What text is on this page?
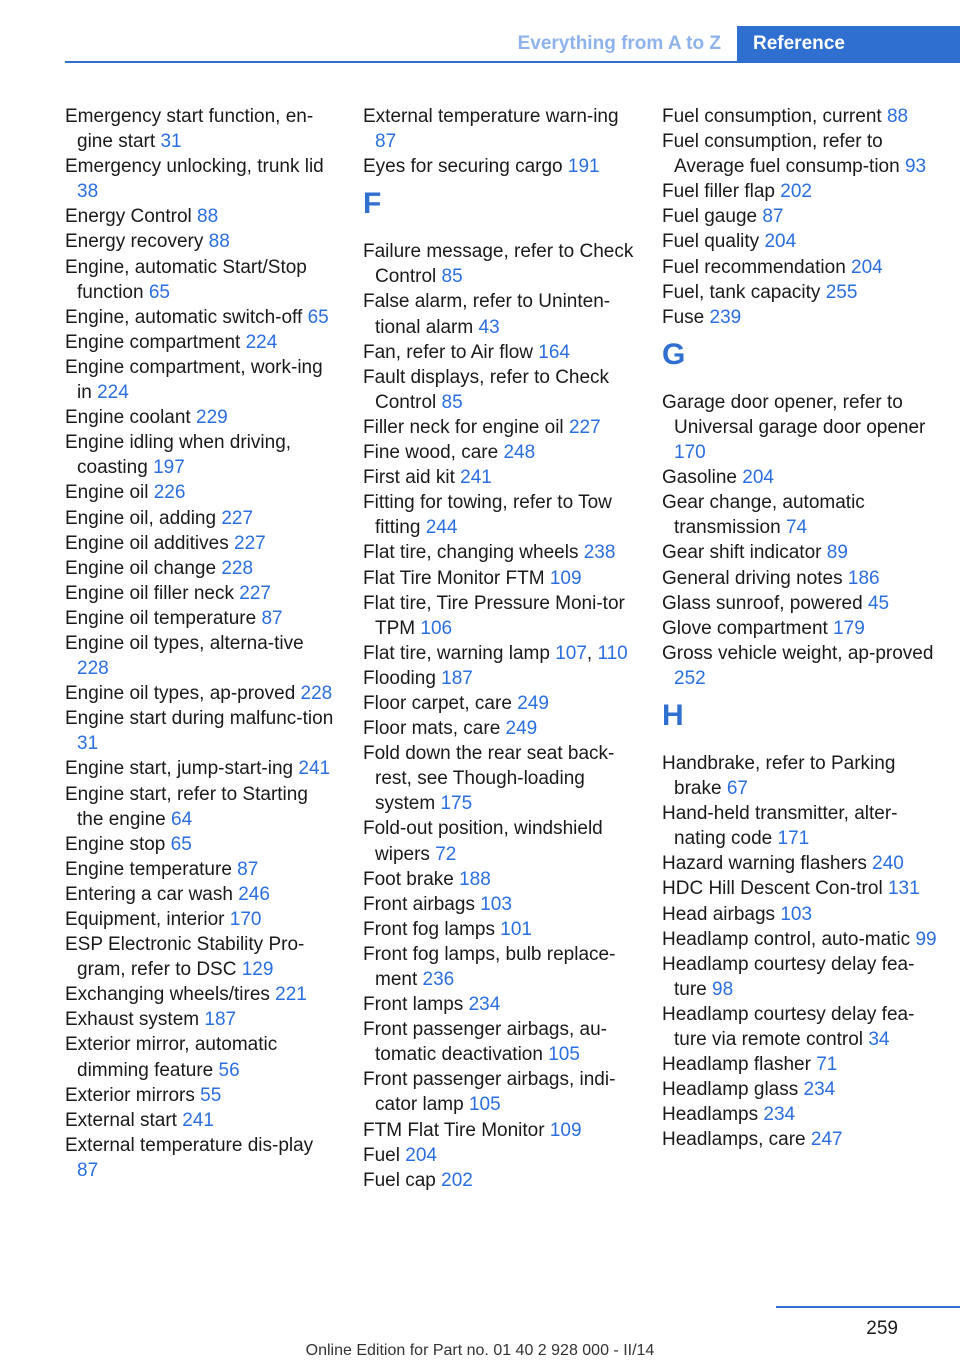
Everything from A to Z	Reference
Emergency start function, en-gine start 31
Emergency unlocking, trunk lid 38
Energy Control 88
Energy recovery 88
Engine, automatic Start/Stop function 65
Engine, automatic switch-off 65
Engine compartment 224
Engine compartment, work-ing in 224
Engine coolant 229
Engine idling when driving, coasting 197
Engine oil 226
Engine oil, adding 227
Engine oil additives 227
Engine oil change 228
Engine oil filler neck 227
Engine oil temperature 87
Engine oil types, alterna-tive 228
Engine oil types, ap-proved 228
Engine start during malfunc-tion 31
Engine start, jump-start-ing 241
Engine start, refer to Starting the engine 64
Engine stop 65
Engine temperature 87
Entering a car wash 246
Equipment, interior 170
ESP Electronic Stability Pro-gram, refer to DSC 129
Exchanging wheels/tires 221
Exhaust system 187
Exterior mirror, automatic dimming feature 56
Exterior mirrors 55
External start 241
External temperature dis-play 87
External temperature warn-ing 87
Eyes for securing cargo 191
F
Failure message, refer to Check Control 85
False alarm, refer to Uninten-tional alarm 43
Fan, refer to Air flow 164
Fault displays, refer to Check Control 85
Filler neck for engine oil 227
Fine wood, care 248
First aid kit 241
Fitting for towing, refer to Tow fitting 244
Flat tire, changing wheels 238
Flat Tire Monitor FTM 109
Flat tire, Tire Pressure Moni-tor TPM 106
Flat tire, warning lamp 107, 110
Flooding 187
Floor carpet, care 249
Floor mats, care 249
Fold down the rear seat back-rest, see Though-loading system 175
Fold-out position, windshield wipers 72
Foot brake 188
Front airbags 103
Front fog lamps 101
Front fog lamps, bulb replace-ment 236
Front lamps 234
Front passenger airbags, au-tomatic deactivation 105
Front passenger airbags, indi-cator lamp 105
FTM Flat Tire Monitor 109
Fuel 204
Fuel cap 202
Fuel consumption, current 88
Fuel consumption, refer to Average fuel consump-tion 93
Fuel filler flap 202
Fuel gauge 87
Fuel quality 204
Fuel recommendation 204
Fuel, tank capacity 255
Fuse 239
G
Garage door opener, refer to Universal garage door opener 170
Gasoline 204
Gear change, automatic transmission 74
Gear shift indicator 89
General driving notes 186
Glass sunroof, powered 45
Glove compartment 179
Gross vehicle weight, ap-proved 252
H
Handbrake, refer to Parking brake 67
Hand-held transmitter, alter-nating code 171
Hazard warning flashers 240
HDC Hill Descent Con-trol 131
Head airbags 103
Headlamp control, auto-matic 99
Headlamp courtesy delay fea-ture 98
Headlamp courtesy delay fea-ture via remote control 34
Headlamp flasher 71
Headlamp glass 234
Headlamps 234
Headlamps, care 247
259
Online Edition for Part no. 01 40 2 928 000 - II/14
